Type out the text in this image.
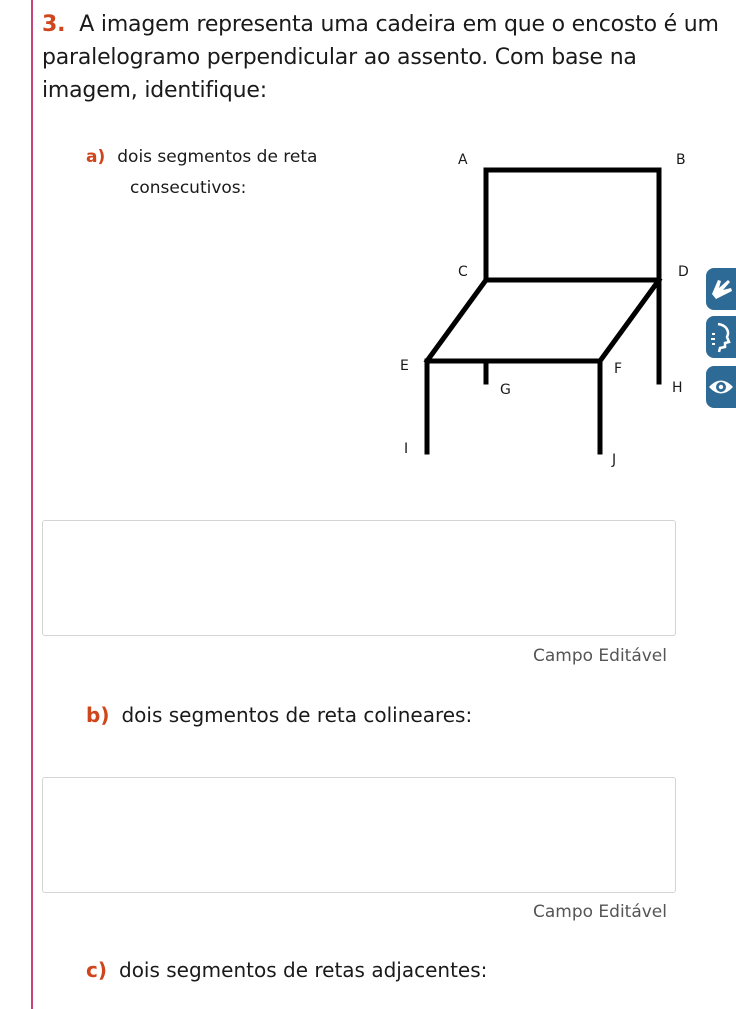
3. A imagem representa uma cadeira em que o encosto é um paralelogramo perpendicular ao assento. Com base na imagem, identifique:
a) dois segmentos de reta
consecutivos:
A	B
C	D
E	F
G	H
I
J
Campo Editável
b) dois segmentos de reta colineares:
Campo Editável
c) dois segmentos de retas adjacentes:
